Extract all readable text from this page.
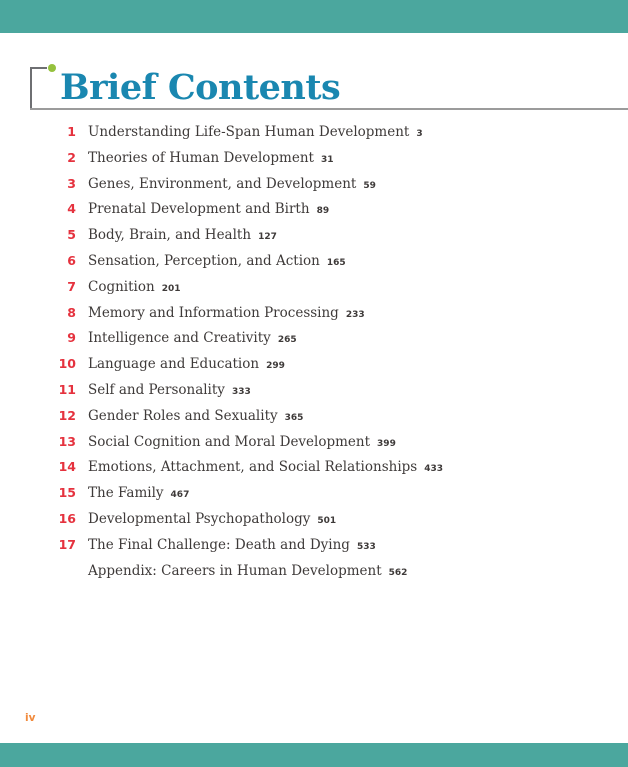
Brief Contents
1 Understanding Life-Span Human Development 3
2 Theories of Human Development 31
3 Genes, Environment, and Development 59
4 Prenatal Development and Birth 89
5 Body, Brain, and Health 127
6 Sensation, Perception, and Action 165
7 Cognition 201
8 Memory and Information Processing 233
9 Intelligence and Creativity 265
10 Language and Education 299
11 Self and Personality 333
12 Gender Roles and Sexuality 365
13 Social Cognition and Moral Development 399
14 Emotions, Attachment, and Social Relationships 433
15 The Family 467
16 Developmental Psychopathology 501
17 The Final Challenge: Death and Dying 533
Appendix: Careers in Human Development 562
iv
